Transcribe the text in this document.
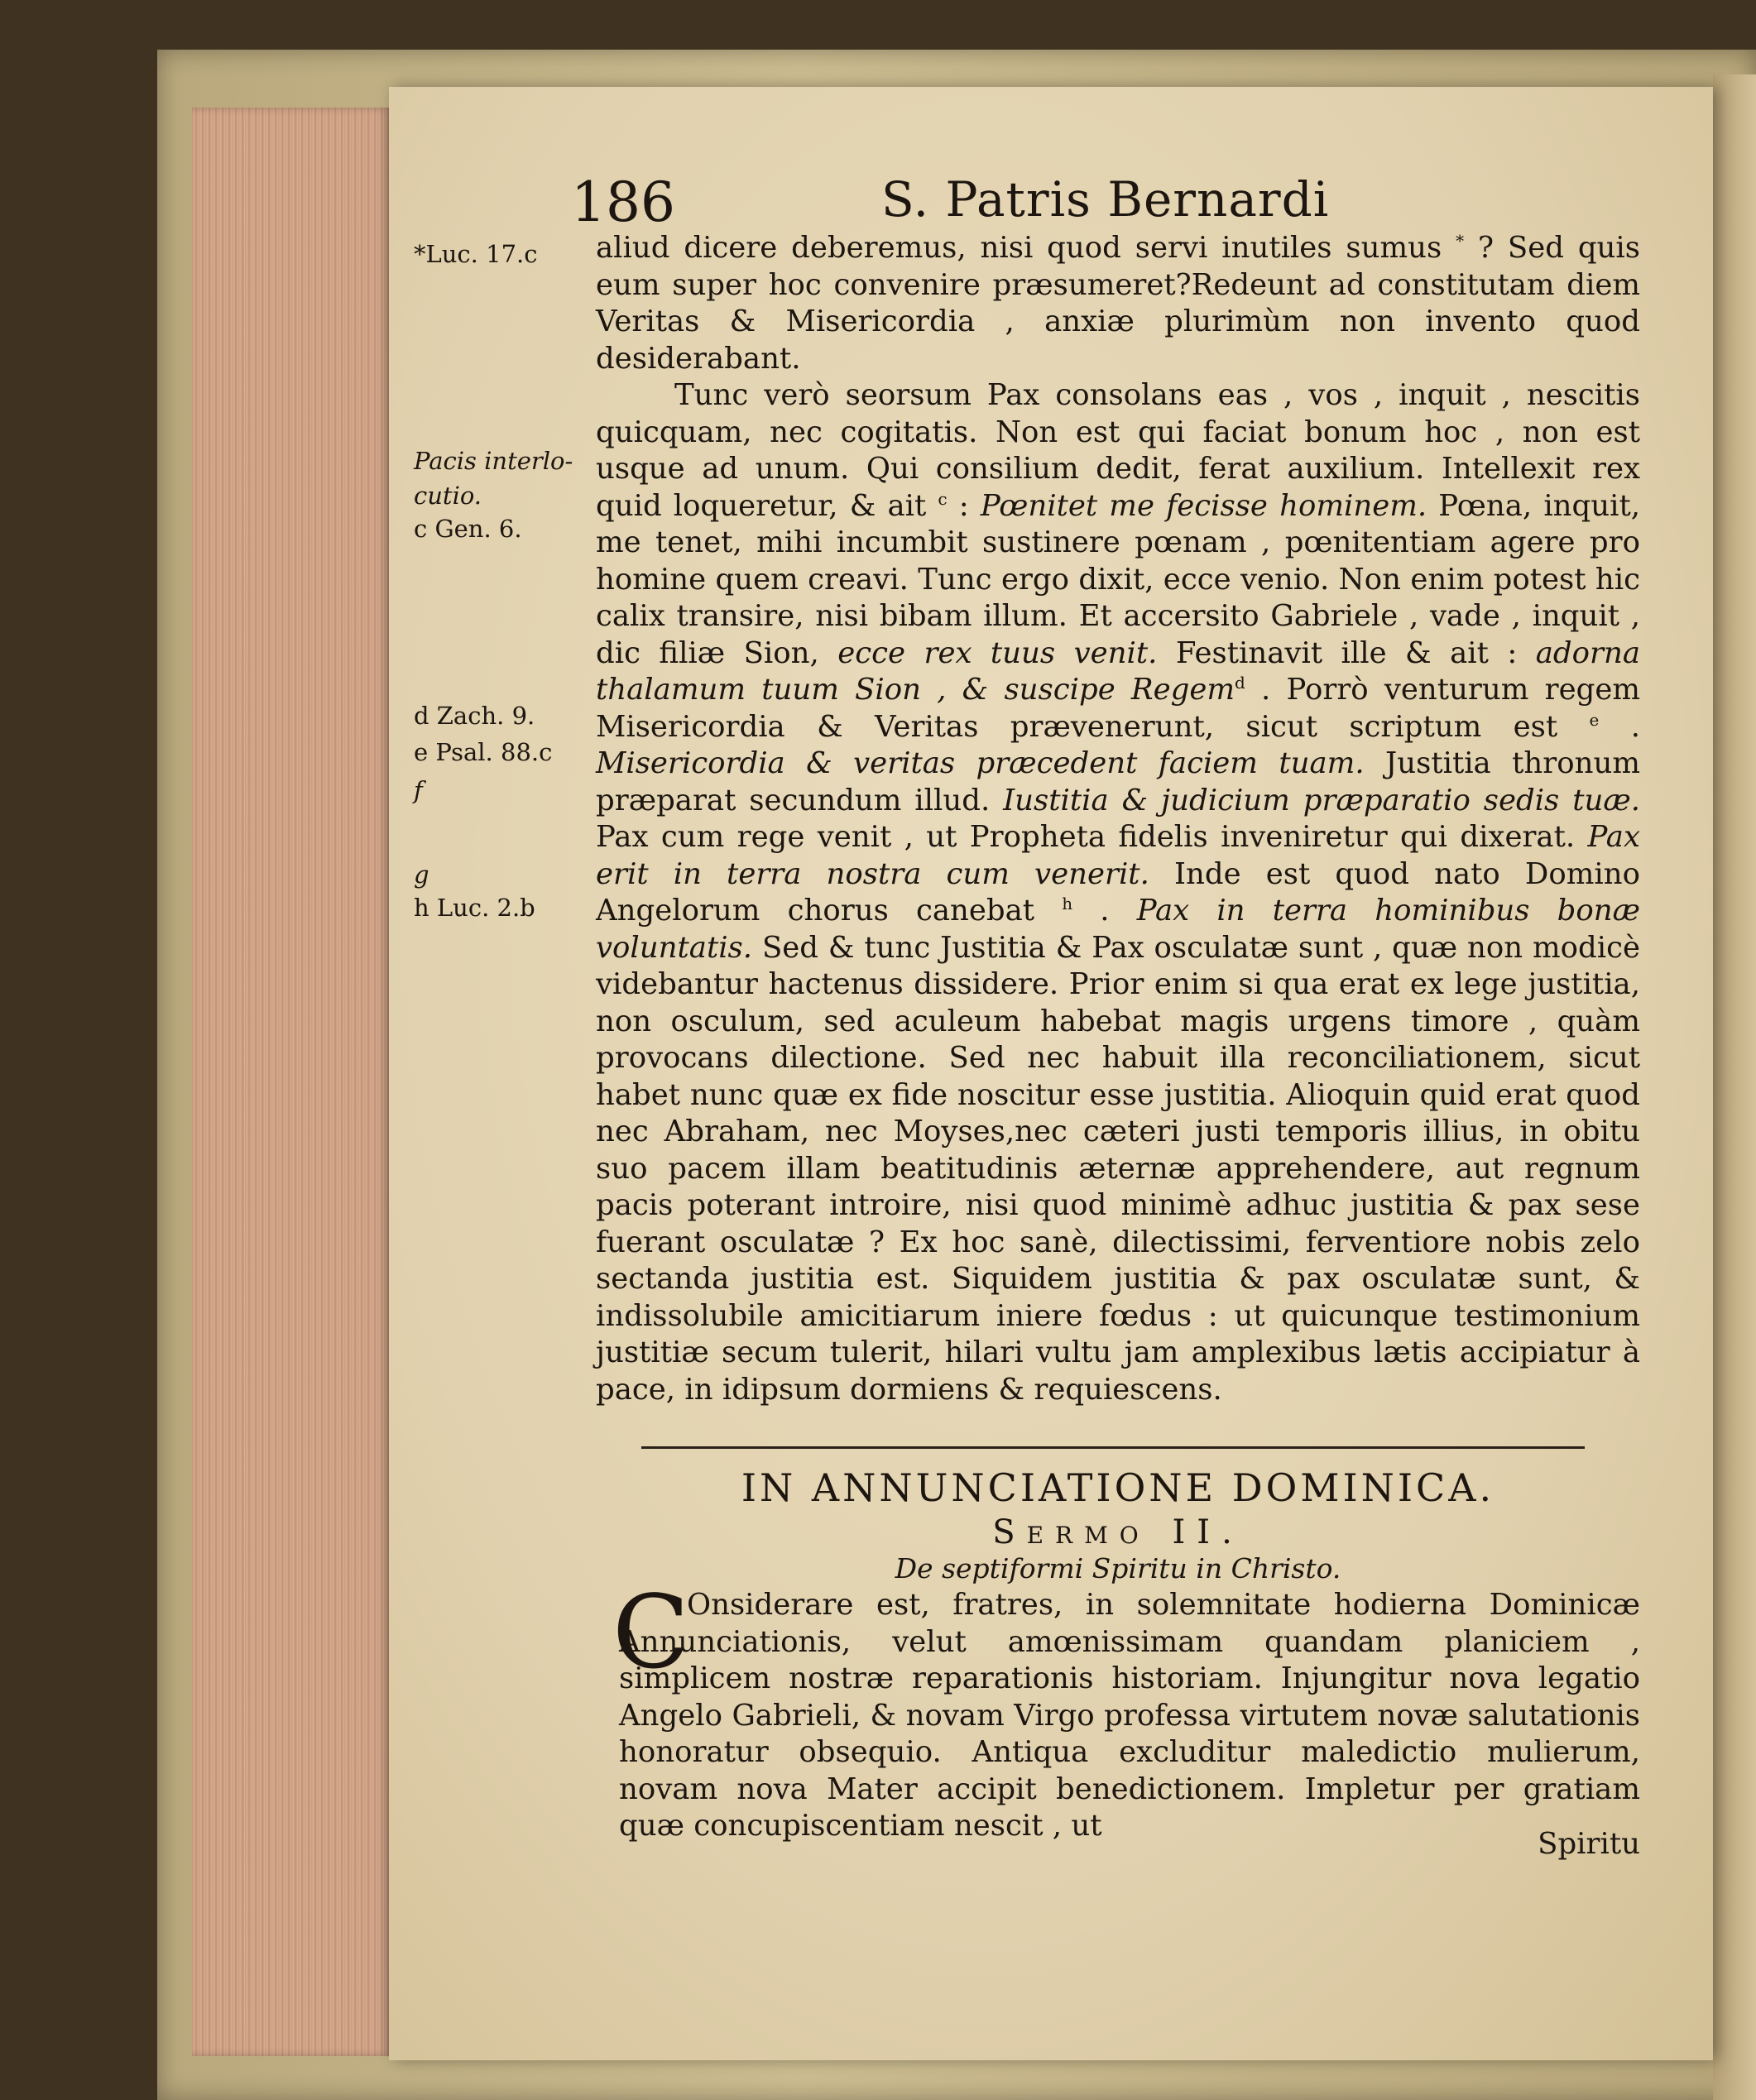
186	S. Patris Bernardi
*Luc. 17.c
Pacis interlo-
cutio.
c Gen. 6.
d Zach. 9.
e Psal. 88.c
f
g
h Luc. 2.b

aliud dicere deberemus, nisi quod servi inutiles sumus * ? Sed quis eum super hoc convenire præsumeret?Redeunt ad constitutam diem Veritas & Misericordia , anxiæ plurimùm non invento quod desiderabant.

Tunc verò seorsum Pax consolans eas , vos , inquit , nescitis quicquam, nec cogitatis. Non est qui faciat bonum hoc , non est usque ad unum. Qui consilium dedit, ferat auxilium. Intellexit rex quid loqueretur, & ait $^c$ : Pœnitet me fecisse hominem. Pœna, inquit, me tenet, mihi incumbit sustinere pœnam , pœnitentiam agere pro homine quem creavi. Tunc ergo dixit, ecce venio. Non enim potest hic calix transire, nisi bibam illum. Et accersito Gabriele , vade , inquit , dic filiæ Sion, ecce rex tuus venit. Festinavit ille & ait : adorna thalamum tuum Sion , & suscipe Regem$^d$ . Porrò venturum regem Misericordia & Veritas prævenerunt, sicut scriptum est $^e$ . Misericordia & veritas præcedent faciem tuam. Justitia thronum præparat secundum illud. Iustitia & judicium præparatio sedis tuæ. Pax cum rege venit , ut Propheta fidelis inveniretur qui dixerat. Pax erit in terra nostra cum venerit. Inde est quod nato Domino Angelorum chorus canebat $^h$ . Pax in terra hominibus bonæ voluntatis. Sed & tunc Justitia & Pax osculatæ sunt , quæ non modicè videbantur hactenus dissidere. Prior enim si qua erat ex lege justitia, non osculum, sed aculeum habebat magis urgens timore , quàm provocans dilectione. Sed nec habuit illa reconciliationem, sicut habet nunc quæ ex fide noscitur esse justitia. Alioquin quid erat quod nec Abraham, nec Moyses,nec cæteri justi temporis illius, in obitu suo pacem illam beatitudinis æternæ apprehendere, aut regnum pacis poterant introire, nisi quod minimè adhuc justitia & pax sese fuerant osculatæ ? Ex hoc sanè, dilectissimi, ferventiore nobis zelo sectanda justitia est. Siquidem justitia & pax osculatæ sunt, & indissolubile amicitiarum iniere fœdus : ut quicunque testimonium justitiæ secum tulerit, hilari vultu jam amplexibus lætis accipiatur à pace, in idipsum dormiens & requiescens.

IN ANNUNCIATIONE DOMINICA.
Sermo II.
De septiformi Spiritu in Christo.
C

Onsiderare est, fratres, in solemnitate hodierna Dominicæ Annunciationis, velut amœnissimam quandam planiciem , simplicem nostræ reparationis historiam. Injungitur nova legatio Angelo Gabrieli, & novam Virgo professa virtutem novæ salutationis honoratur obsequio. Antiqua excluditur maledictio mulierum, novam nova Mater accipit benedictionem. Impletur per gratiam quæ concupiscentiam nescit , ut

Spiritu
